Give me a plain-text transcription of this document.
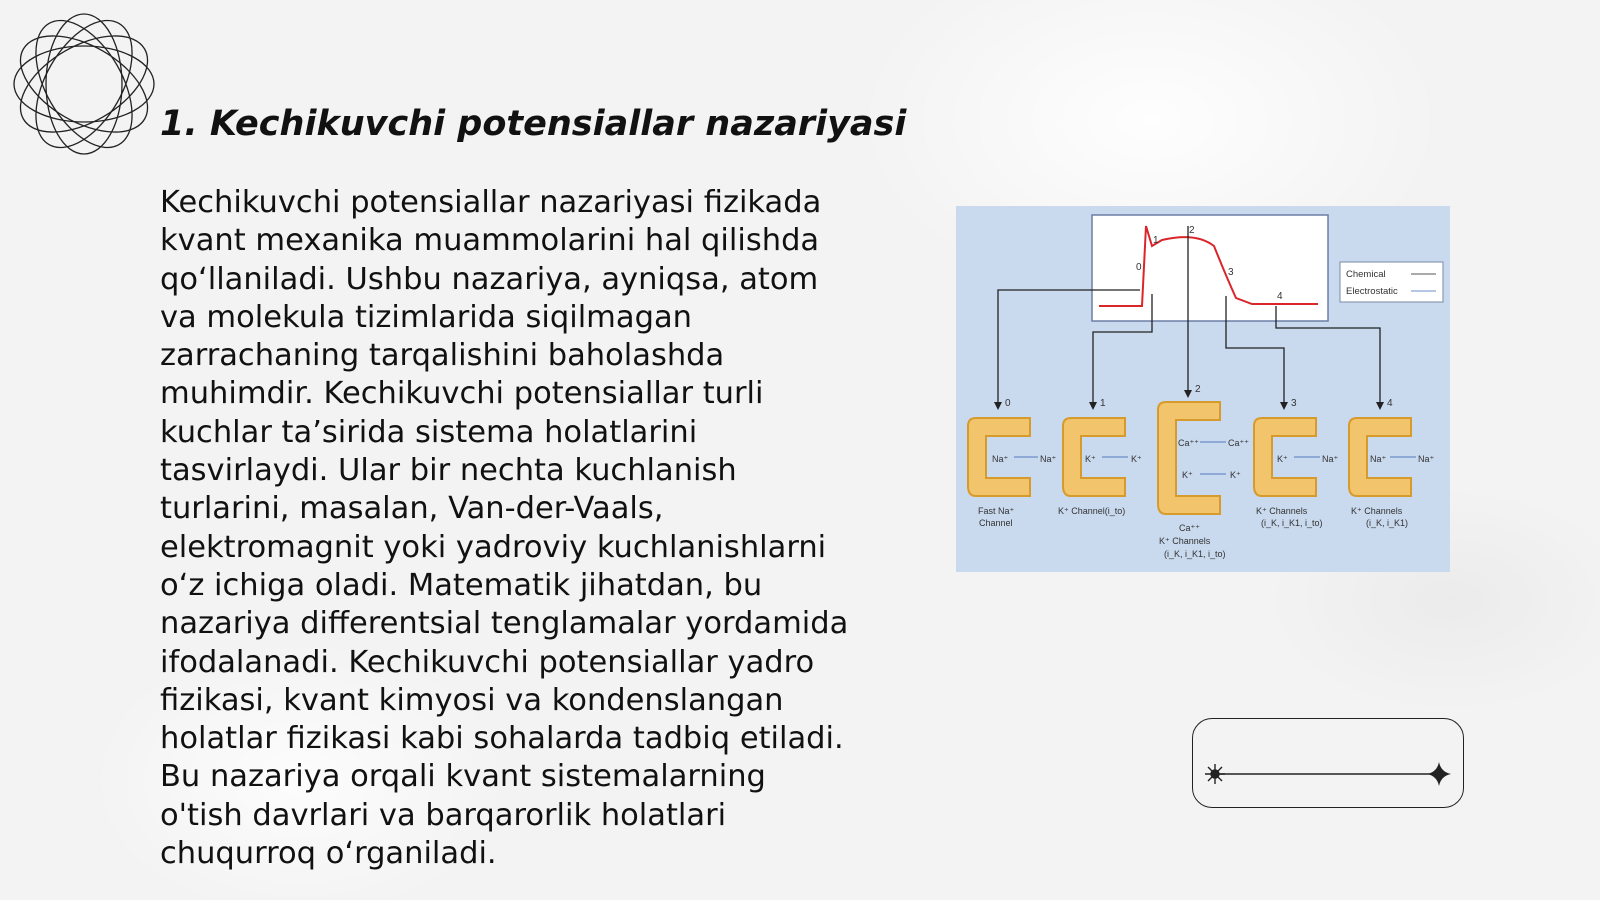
1. Kechikuvchi potensiallar nazariyasi

Kechikuvchi potensiallar nazariyasi fizikada kvant mexanika muammolarini hal qilishda qo‘llaniladi. Ushbu nazariya, ayniqsa, atom va molekula tizimlarida siqilmagan zarrachaning tarqalishini baholashda muhimdir. Kechikuvchi potensiallar turli kuchlar ta’sirida sistema holatlarini tasvirlaydi. Ular bir nechta kuchlanish turlarini, masalan, Van-der-Vaals, elektromagnit yoki yadroviy kuchlanishlarni o‘z ichiga oladi. Matematik jihatdan, bu nazariya differentsial tenglamalar yordamida ifodalanadi. Kechikuvchi potensiallar yadro fizikasi, kvant kimyosi va kondenslangan holatlar fizikasi kabi sohalarda tadbiq etiladi. Bu nazariya orqali kvant sistemalarning o'tish davrlari va barqarorlik holatlari chuqurroq o‘rganiladi.

0
1
2
3
4
Chemical
Electrostatic
0	1
2
3	4
Na⁺	Na⁺
Fast Na⁺
Channel
K⁺	K⁺
K⁺ Channel(i_to)
Ca⁺⁺	Ca⁺⁺
K⁺	K⁺
Ca⁺⁺
K⁺ Channels
(i_K, i_K1, i_to)
K⁺	Na⁺
K⁺ Channels
(i_K, i_K1, i_to)
Na⁺	Na⁺
K⁺ Channels
(i_K, i_K1)
